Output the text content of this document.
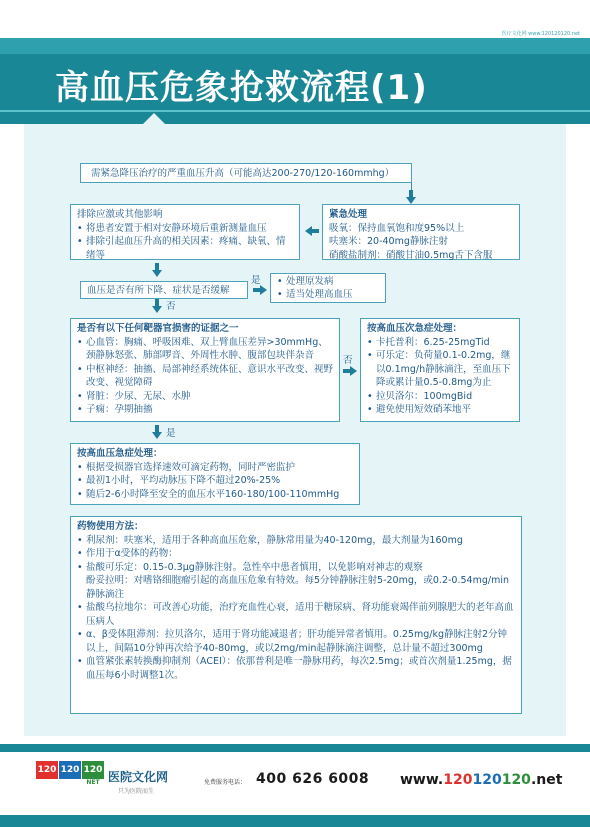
医疗文化网 www.120120120.net
高血压危象抢救流程(1)
需紧急降压治疗的严重血压升高（可能高达200-270/120-160mmhg）
排除应激或其他影响
• 将患者安置于相对安静环境后重新测量血压
• 排除引起血压升高的相关因素：疼痛、缺氧、情绪等
紧急处理
吸氧：保持血氧饱和度95%以上
呋塞米：20-40mg静脉注射
硝酸盐制剂：硝酸甘油0.5mg舌下含服
血压是否有所下降、症状是否缓解
是
•	处理原发病
• 适当处理高血压
否
是否有以下任何靶器官损害的证据之一
• 心血管：胸痛、呼吸困难、双上臂血压差异>30mmHg、颈静脉怒张、肺部啰音、外周性水肿、腹部包块伴杂音
• 中枢神经：抽搐、局部神经系统体征、意识水平改变、视野改变、视觉障碍
• 肾脏：少尿、无尿、水肿
• 子痫：孕期抽搐
否
按高血压次急症处理：
• 卡托普利：6.25-25mgTid
• 可乐定：负荷量0.1-0.2mg，继以0.1mg/h静脉滴注，至血压下降或累计量0.5-0.8mg为止
• 拉贝洛尔：100mgBid
• 避免使用短效硝苯地平
是
按高血压急症处理：
• 根据受损器官选择速效可滴定药物，同时严密监护
• 最初1小时，平均动脉压下降不超过20%-25%
• 随后2-6小时降至安全的血压水平160-180/100-110mmHg
药物使用方法：
• 利尿剂：呋塞米，适用于各种高血压危象，静脉常用量为40-120mg，最大剂量为160mg
• 作用于α受体的药物：
• 盐酸可乐定：0.15-0.3μg静脉注射。急性卒中患者慎用，以免影响对神志的观察
酚妥拉明：对嗜铬细胞瘤引起的高血压危象有特效。每5分钟静脉注射5-20mg，或0.2-0.54mg/min静脉滴注
• 盐酸乌拉地尔：可改善心功能，治疗充血性心衰，适用于糖尿病、肾功能衰竭伴前列腺肥大的老年高血压病人
• α、β受体阻滞剂：拉贝洛尔，适用于肾功能减退者；肝功能异常者慎用。0.25mg/kg静脉注射2分钟以上，间隔10分钟再次给予40-80mg，或以2mg/min起静脉滴注调整，总计量不超过300mg
• 血管紧张素转换酶抑制剂（ACEI）：依那普利是唯一静脉用药，每次2.5mg；或首次剂量1.25mg，据血压每6小时调整1次。
120 120 120
NET 医院文化网
只为医院而生
免费服务电话： 400 626 6008 www.120120120.net
